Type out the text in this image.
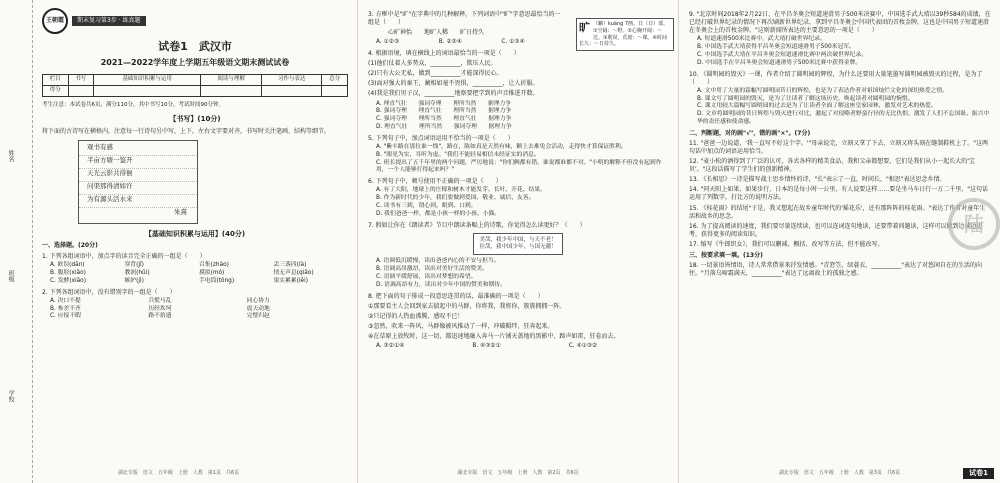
姓名
班级
学校
王朝霞	期末复习第3步 · 练真题
试卷1　武汉市
2021—2022学年度上学期五年级语文期末测试试卷
栏目	书写	基础知识积累与运用	阅读与理解	习作与表达	总分
得分					
考生注意：本试卷共6页，满分110分，其中书写10分，考试时间90分钟。
【书写】(10分)
将下面的古诗写在横格内，注意每一行诗句另中写，上下，左右文字要对齐，书写时关注笔画、结构等细节。
观书有感
半亩方塘一鉴开
天光云影共徘徊
问渠那得清如许
为有源头活水来
朱熹
【基础知识积累与运用】(40分)
一、选择题。(20分)
1. 下列各组词语中，加点字的读音完全正确的一组是（　　）
A. 欧误(dān)	穿背(jǐ)	召集(zhào)	丢三落四(là)
B. 腹胫(xiǎo)	教润(hǔi)	摸拟(mó)	情无声息(qiǎo)
C. 发酵(xiāo)	嫉妒(jì)	手电筒(tǒng)	果实累累(lěi)
2. 下列各组词语中，没有错别字的一组是（　　）
A. 决口不提	兵慌马乱	同心协力
B. 参差不齐	历经坎坷	震天动地
C. 应接不暇	路不拾遗	完璧归赵
湖北专版　语文　五年级　上册　人教　第1页　共6页
3. 方框中是"旷"在字典中的几种解释，下列词语中"旷"字意思最恰当的一组是（　　）
心旷神怡　　地旷人稀　　旷日持久
A. ①②③	B. ②③④	C. ①③④
4. 根据语境，填在横线上的词语最恰当的一项是（　　）
(1)他们仗着人多势众，__________，欺压人民。
(2)只有大公无私，做到__________才能深得民心。
(3)面对强大的秦王，蔺相如毫不畏惧，__________，让人折服。
(4)我是我们男子汉，__________地察要把学到的声音推进开数。
A. 理直气壮　　强词夺理　　理所当然　　据理力争
B. 强词夺理　　理直气壮　　理所当然　　据理力争
C. 强词夺理　　理所当然　　理直气壮　　据理力争
D. 理直气壮　　理所当然　　强词夺理　　据理力争
5. 下列句子中，加点词语运用不恰当的一项是（　　）
A. "紫丰路在那位谁一线"，路在，陈如真是天然有味，颗上去难免会活动，走得快才算保证胜利。
B. "眼见为实，耳听为虚。"我们不能轻易相信未经证实的消息。
C. 班长提出了五千年里的两个问题，严厉地说："你们俩都有错，谁说都谁都不对。"小明的解释不但没有起到作用，一个人能够打得起来吗？"
6. 下列句子中，顿号使用不正确的一项是（　　）
A. 有了大阳，地球上的庄稼和树木才能发芽、长叶、开花、结果。
B. 作为新时代的少年，我们要做到爱国、敬业、诚信、友善。
C. 读书有三到，谓心到、眼到、口到。
D. 我们爸爸一样，都是小孩一样的小孩、小猫。
7. 假如让你在《朗读者》节目中朗读条幅上的诗歌，你觉得怎么读更好？（　　）
美哉，我少年中国，与天不老！壮哉，我中国少年，与国无疆！
A. 语调低沉缓慢，读出爸爸内心的不安与担当。
B. 语调高昂激昂，读出对美好生活的赞美。
C. 语调平缓舒展，读出对梦想的希望。
D. 语调高昂有力，读出对少年中国的赞美和期待。
8. 把下面的句子排成一段意思连贯的话，最准确的一项是（　　）
①那要看主人会回到家去揣起中的马群，你将我，我将你，簇簇拥拥一阵。
②只记得的人热血沸腾，感叹不已！
③忽然，吹来一阵风，马群像被风推动了一样，冲破羁绊，狂奔起来。
④在草原上放牧时，这一切，都迅速地融入奔马一片铺天盖地的黑影中，蹄声如雷，狂卷而去。
A. ③②①④	B. ④③②①	C. ④①③②
旷 （曠）kuàng 7画。日（日）部。①空阔：～野。②心胸开阔：～达。③耽误、荒废：～课。④时间长久：～日持久。
湖北专版　语文　五年级　上册　人教　第2页　共6页
9. "北京时间2018年2月22日，在平昌冬奥会短道速滑男子500米决赛中，中国选手武大靖以39秒584的成绩，在已经打破世界纪录的情况下再次刷新世界纪录，拿到平昌冬奥会中国代表团的首枚金牌，这也是中国男子短道速滑在冬奥会上的首枚金牌。"这则新闻所表达的主要意思的一项是（　　）
A. 短道速滑500米比赛中，武大靖打破世界纪录。
B. 中国选手武大靖获得平昌冬奥会短道速滑男子500米冠军。
C. 中国选手武大靖在平昌冬奥会短道速滑比赛中两次破世界纪录。
D. 中国选手在平昌冬奥会短道速滑男子500米比赛中获得金牌。
10. 《圆明园的毁灭》一课，作者介绍了圆明园的辉煌，为什么还要用大量笔墨写圆明园被毁灭的过程，是为了（　　）
A. 文中用了大量的篇幅写圆明园昔日的辉煌，也是为了表达作者对祖国灿烂文化的深切热爱之情。
B. 课文写了圆明园的毁灭，是为了让读者了解这场历史，唤起读者对圆明园的惋惜。
C. 课文用较大篇幅写圆明园的过去是为了让读者全面了解这座皇家园林，激发对艺术的热爱。
D. 文章将圆明园的昔日辉煌与毁灭进行对比，激起了对侵略者野蛮行径的无比仇恨，激发了人们不忘国耻、振兴中华的责任感和使命感。
二、判断题，对的画"√"，错的画"×"。(7分)
11. "爸爸一边说道，'我一直写不好这个字。'"母亲说完，立刻又拿了下去，立刻又将头刻在缝制鞋机上了。"这两句话中加点的词语运用恰当。
12. "麦小松的酒得到了广泛的认可，各式各样的精美食品，我和父亲都想要，它们是我们从小一起长大的'宝贝'。"这段话描写了学生们的创新精神。
13. 《长相思》一诗是描写战士思乡情怀的诗，"长"表示了一直，时间长，"相思"表达思念乡情。
14. "同天阳上如果，如果步行，日本的是每小时一公里，有人说要这样……要是坐马车日行一万二千里，"这句话运用了列数字，打比方的说明方法。
15. 《桂花雨》的结尾"于是，我又想起在故乡童年时代的'摇花乐'，还有那阵阵的桂花雨。"表达了作者对童年生活和故乡的思念。
16. 为了提高阅读的速度，我们要尽量连续读，也可以连词连句地读，还要带着问题读，这样可以做到边读边思考，获得更多的阅读知识。
17. 缩写《牛郎织女》，我们可以删减、概括、改写等方法，但不能改写。
三、按要求填一填。(13分)
18. 一切景语皆情语，诗人常常借景来抒发情感。"青箬笠，绿蓑衣，__________"表达了对悠闲自在的生活的向往。"月落乌啼霜满天，__________"表达了远离故土的孤独之感。
陆
湖北专版　语文　五年级　上册　人教　第3页　共6页	试卷1
